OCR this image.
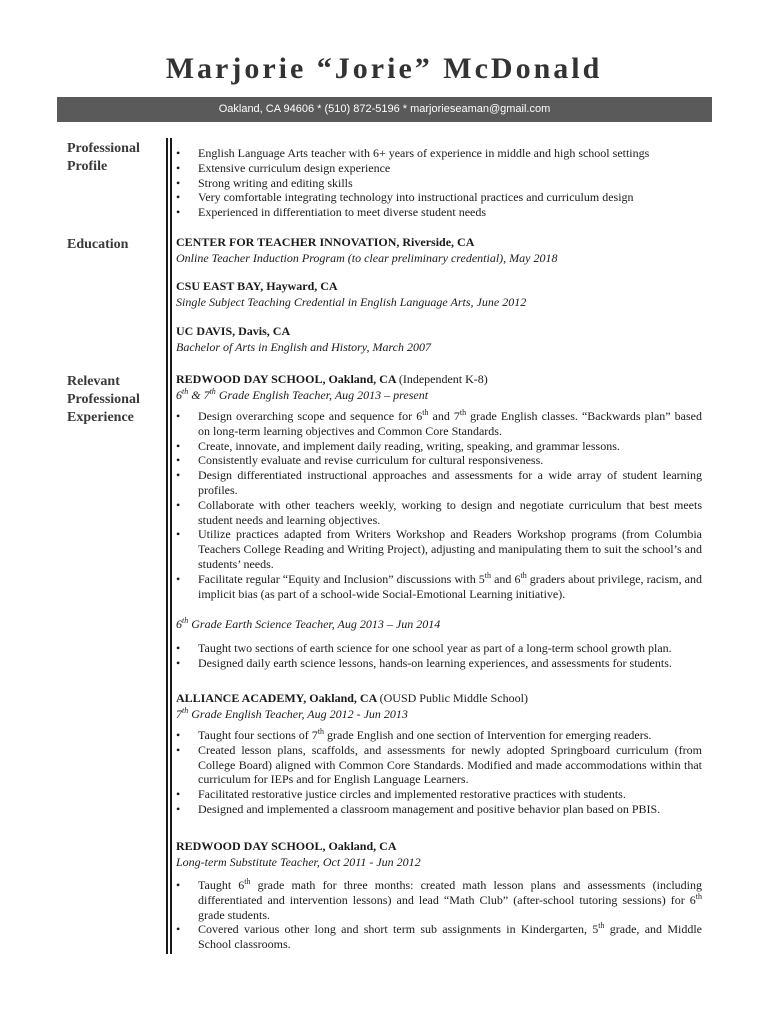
Marjorie “Jorie” McDonald
Oakland, CA 94606 * (510) 872-5196 * marjorieseaman@gmail.com
Professional
Profile
Education
Relevant
Professional
Experience
• English Language Arts teacher with 6+ years of experience in middle and high school settings
• Extensive curriculum design experience
• Strong writing and editing skills
• Very comfortable integrating technology into instructional practices and curriculum design
• Experienced in differentiation to meet diverse student needs
CENTER FOR TEACHER INNOVATION, Riverside, CA
Online Teacher Induction Program (to clear preliminary credential), May 2018
CSU EAST BAY, Hayward, CA
Single Subject Teaching Credential in English Language Arts, June 2012
UC DAVIS, Davis, CA
Bachelor of Arts in English and History, March 2007
REDWOOD DAY SCHOOL, Oakland, CA (Independent K-8)
6th & 7th Grade English Teacher, Aug 2013 – present
• Design overarching scope and sequence for 6th and 7th grade English classes. “Backwards plan” based on long-term learning objectives and Common Core Standards.
• Create, innovate, and implement daily reading, writing, speaking, and grammar lessons.
• Consistently evaluate and revise curriculum for cultural responsiveness.
• Design differentiated instructional approaches and assessments for a wide array of student learning profiles.
• Collaborate with other teachers weekly, working to design and negotiate curriculum that best meets student needs and learning objectives.
• Utilize practices adapted from Writers Workshop and Readers Workshop programs (from Columbia Teachers College Reading and Writing Project), adjusting and manipulating them to suit the school’s and students’ needs.
• Facilitate regular “Equity and Inclusion” discussions with 5th and 6th graders about privilege, racism, and implicit bias (as part of a school-wide Social-Emotional Learning initiative).
6th Grade Earth Science Teacher, Aug 2013 – Jun 2014
• Taught two sections of earth science for one school year as part of a long-term school growth plan.
• Designed daily earth science lessons, hands-on learning experiences, and assessments for students.
ALLIANCE ACADEMY, Oakland, CA (OUSD Public Middle School)
7th Grade English Teacher, Aug 2012 - Jun 2013
• Taught four sections of 7th grade English and one section of Intervention for emerging readers.
• Created lesson plans, scaffolds, and assessments for newly adopted Springboard curriculum (from College Board) aligned with Common Core Standards. Modified and made accommodations within that curriculum for IEPs and for English Language Learners.
• Facilitated restorative justice circles and implemented restorative practices with students.
• Designed and implemented a classroom management and positive behavior plan based on PBIS.
REDWOOD DAY SCHOOL, Oakland, CA
Long-term Substitute Teacher, Oct 2011 - Jun 2012
• Taught 6th grade math for three months: created math lesson plans and assessments (including differentiated and intervention lessons) and lead “Math Club” (after-school tutoring sessions) for 6th grade students.
• Covered various other long and short term sub assignments in Kindergarten, 5th grade, and Middle School classrooms.
